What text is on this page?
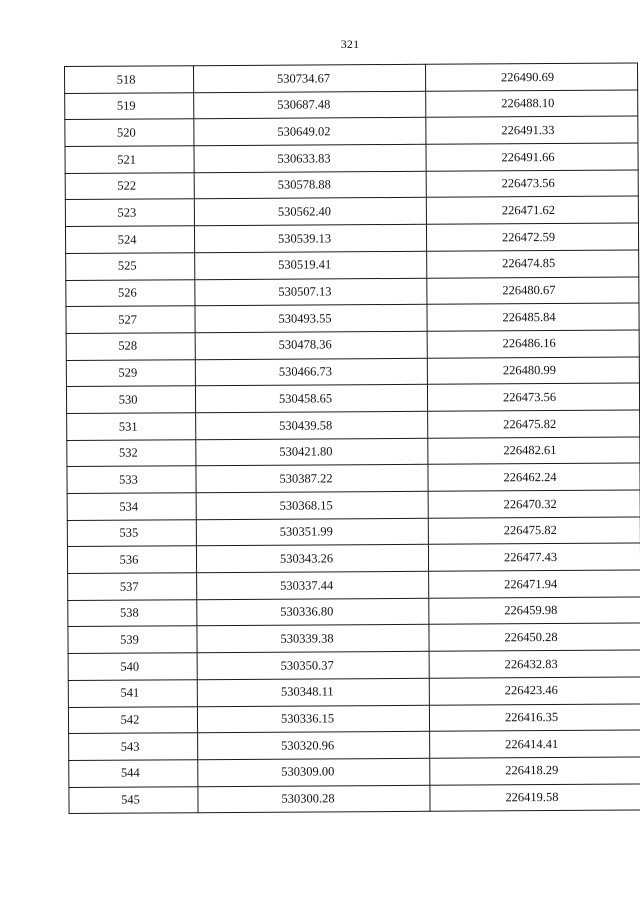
321
518	530734.67	226490.69
519	530687.48	226488.10
520	530649.02	226491.33
521	530633.83	226491.66
522	530578.88	226473.56
523	530562.40	226471.62
524	530539.13	226472.59
525	530519.41	226474.85
526	530507.13	226480.67
527	530493.55	226485.84
528	530478.36	226486.16
529	530466.73	226480.99
530	530458.65	226473.56
531	530439.58	226475.82
532	530421.80	226482.61
533	530387.22	226462.24
534	530368.15	226470.32
535	530351.99	226475.82
536	530343.26	226477.43
537	530337.44	226471.94
538	530336.80	226459.98
539	530339.38	226450.28
540	530350.37	226432.83
541	530348.11	226423.46
542	530336.15	226416.35
543	530320.96	226414.41
544	530309.00	226418.29
545	530300.28	226419.58
